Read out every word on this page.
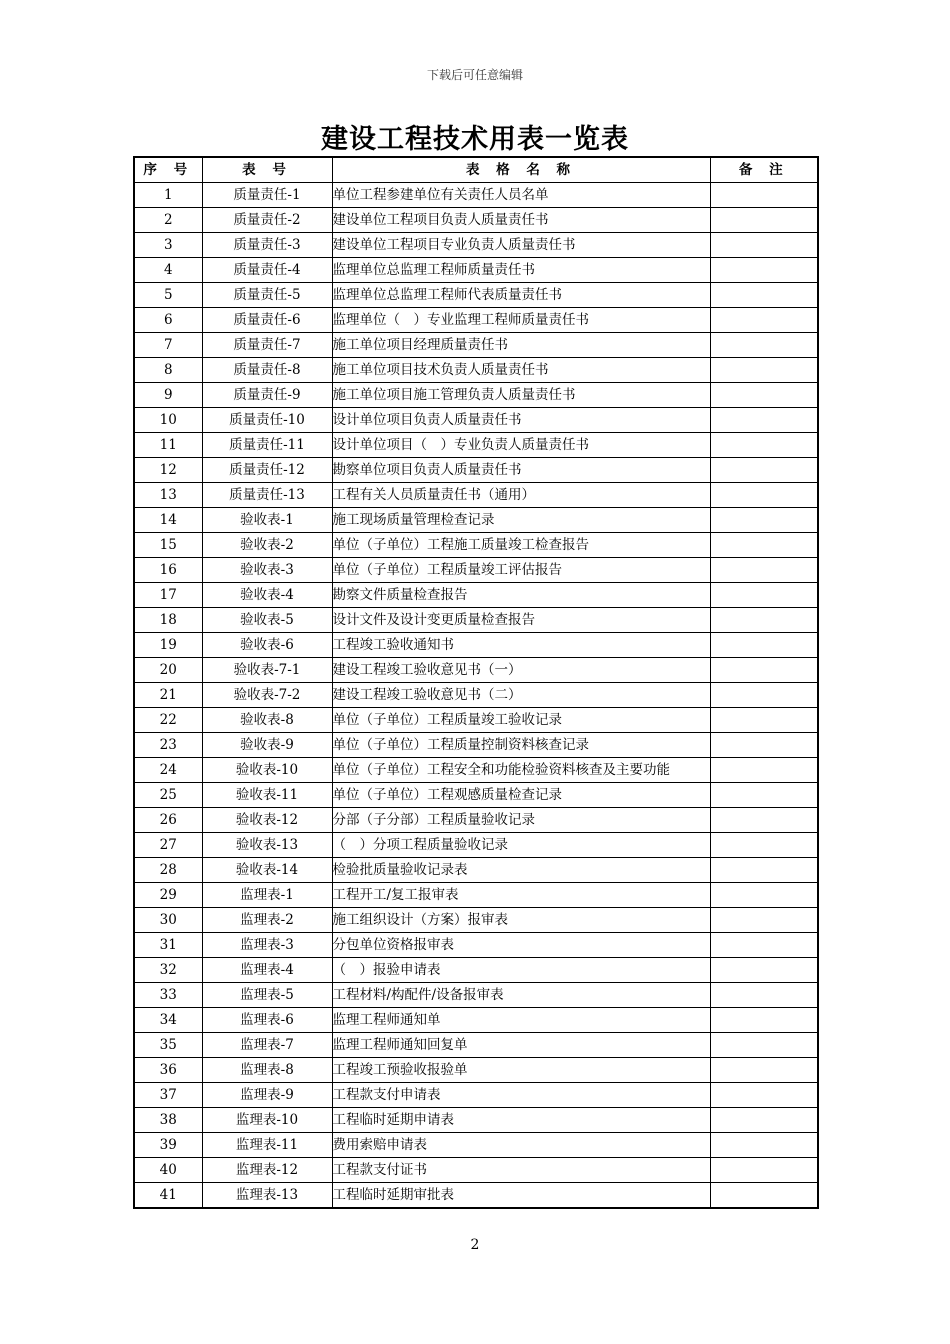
下载后可任意编辑
建设工程技术用表一览表
序 号	表 号	表 格 名 称	备 注
1	质量责任-1	单位工程参建单位有关责任人员名单	
2	质量责任-2	建设单位工程项目负责人质量责任书	
3	质量责任-3	建设单位工程项目专业负责人质量责任书	
4	质量责任-4	监理单位总监理工程师质量责任书	
5	质量责任-5	监理单位总监理工程师代表质量责任书	
6	质量责任-6	监理单位（　）专业监理工程师质量责任书	
7	质量责任-7	施工单位项目经理质量责任书	
8	质量责任-8	施工单位项目技术负责人质量责任书	
9	质量责任-9	施工单位项目施工管理负责人质量责任书	
10	质量责任-10	设计单位项目负责人质量责任书	
11	质量责任-11	设计单位项目（　）专业负责人质量责任书	
12	质量责任-12	勘察单位项目负责人质量责任书	
13	质量责任-13	工程有关人员质量责任书（通用）	
14	验收表-1	施工现场质量管理检查记录	
15	验收表-2	单位（子单位）工程施工质量竣工检查报告	
16	验收表-3	单位（子单位）工程质量竣工评估报告	
17	验收表-4	勘察文件质量检查报告	
18	验收表-5	设计文件及设计变更质量检查报告	
19	验收表-6	工程竣工验收通知书	
20	验收表-7-1	建设工程竣工验收意见书（一）	
21	验收表-7-2	建设工程竣工验收意见书（二）	
22	验收表-8	单位（子单位）工程质量竣工验收记录	
23	验收表-9	单位（子单位）工程质量控制资料核查记录	
24	验收表-10	单位（子单位）工程安全和功能检验资料核查及主要功能	
25	验收表-11	单位（子单位）工程观感质量检查记录	
26	验收表-12	分部（子分部）工程质量验收记录	
27	验收表-13	（　）分项工程质量验收记录	
28	验收表-14	检验批质量验收记录表	
29	监理表-1	工程开工/复工报审表	
30	监理表-2	施工组织设计（方案）报审表	
31	监理表-3	分包单位资格报审表	
32	监理表-4	（　）报验申请表	
33	监理表-5	工程材料/构配件/设备报审表	
34	监理表-6	监理工程师通知单	
35	监理表-7	监理工程师通知回复单	
36	监理表-8	工程竣工预验收报验单	
37	监理表-9	工程款支付申请表	
38	监理表-10	工程临时延期申请表	
39	监理表-11	费用索赔申请表	
40	监理表-12	工程款支付证书	
41	监理表-13	工程临时延期审批表	
2
